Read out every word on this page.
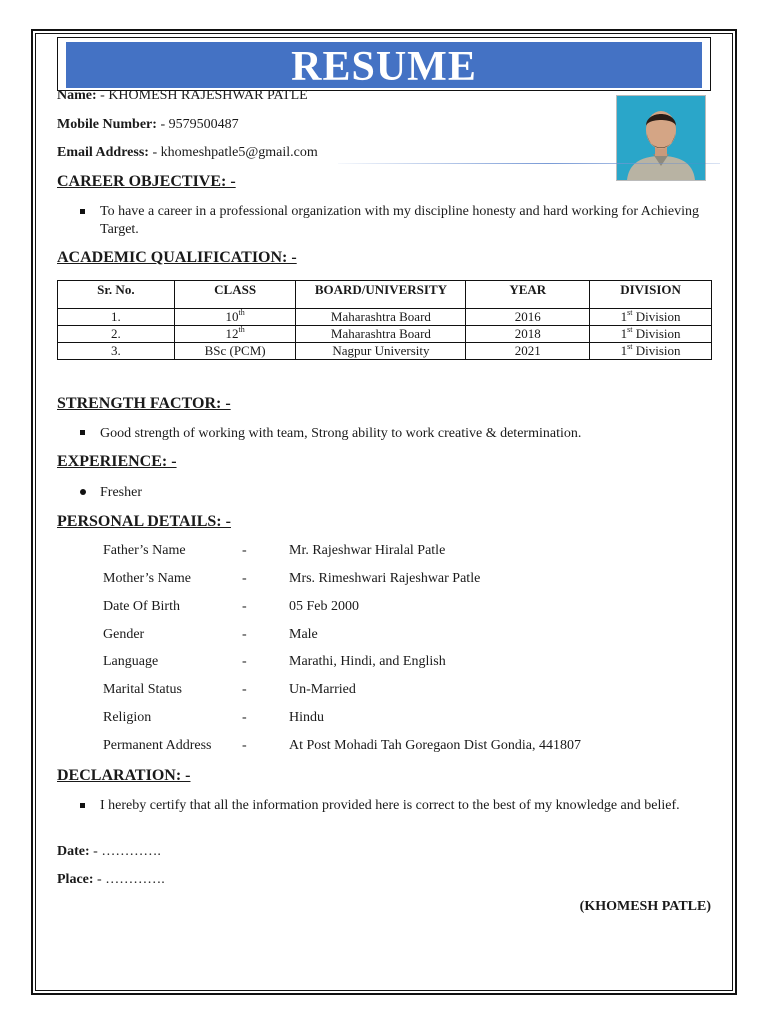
RESUME
Name: - KHOMESH RAJESHWAR PATLE
Mobile Number: - 9579500487
Email Address: - khomeshpatle5@gmail.com
CAREER OBJECTIVE: -
To have a career in a professional organization with my discipline honesty and hard working for Achieving Target.
ACADEMIC QUALIFICATION: -
Sr. No.	CLASS	BOARD/UNIVERSITY	YEAR	DIVISION
1.	10th	Maharashtra Board	2016	1st Division
2.	12th	Maharashtra Board	2018	1st Division
3.	BSc (PCM)	Nagpur University	2021	1st Division
STRENGTH FACTOR: -
Good strength of working with team, Strong ability to work creative & determination.
EXPERIENCE: -
Fresher
PERSONAL DETAILS: -
Father’s Name	-	Mr. Rajeshwar Hiralal Patle
Mother’s Name	-	Mrs. Rimeshwari Rajeshwar Patle
Date Of Birth	-	05 Feb 2000
Gender	-	Male
Language	-	Marathi, Hindi, and English
Marital Status	-	Un-Married
Religion	-	Hindu
Permanent Address -	At Post Mohadi Tah Goregaon Dist Gondia, 441807
DECLARATION: -
I hereby certify that all the information provided here is correct to the best of my knowledge and belief.
Date: - ………….
Place: - ………….
(KHOMESH PATLE)
